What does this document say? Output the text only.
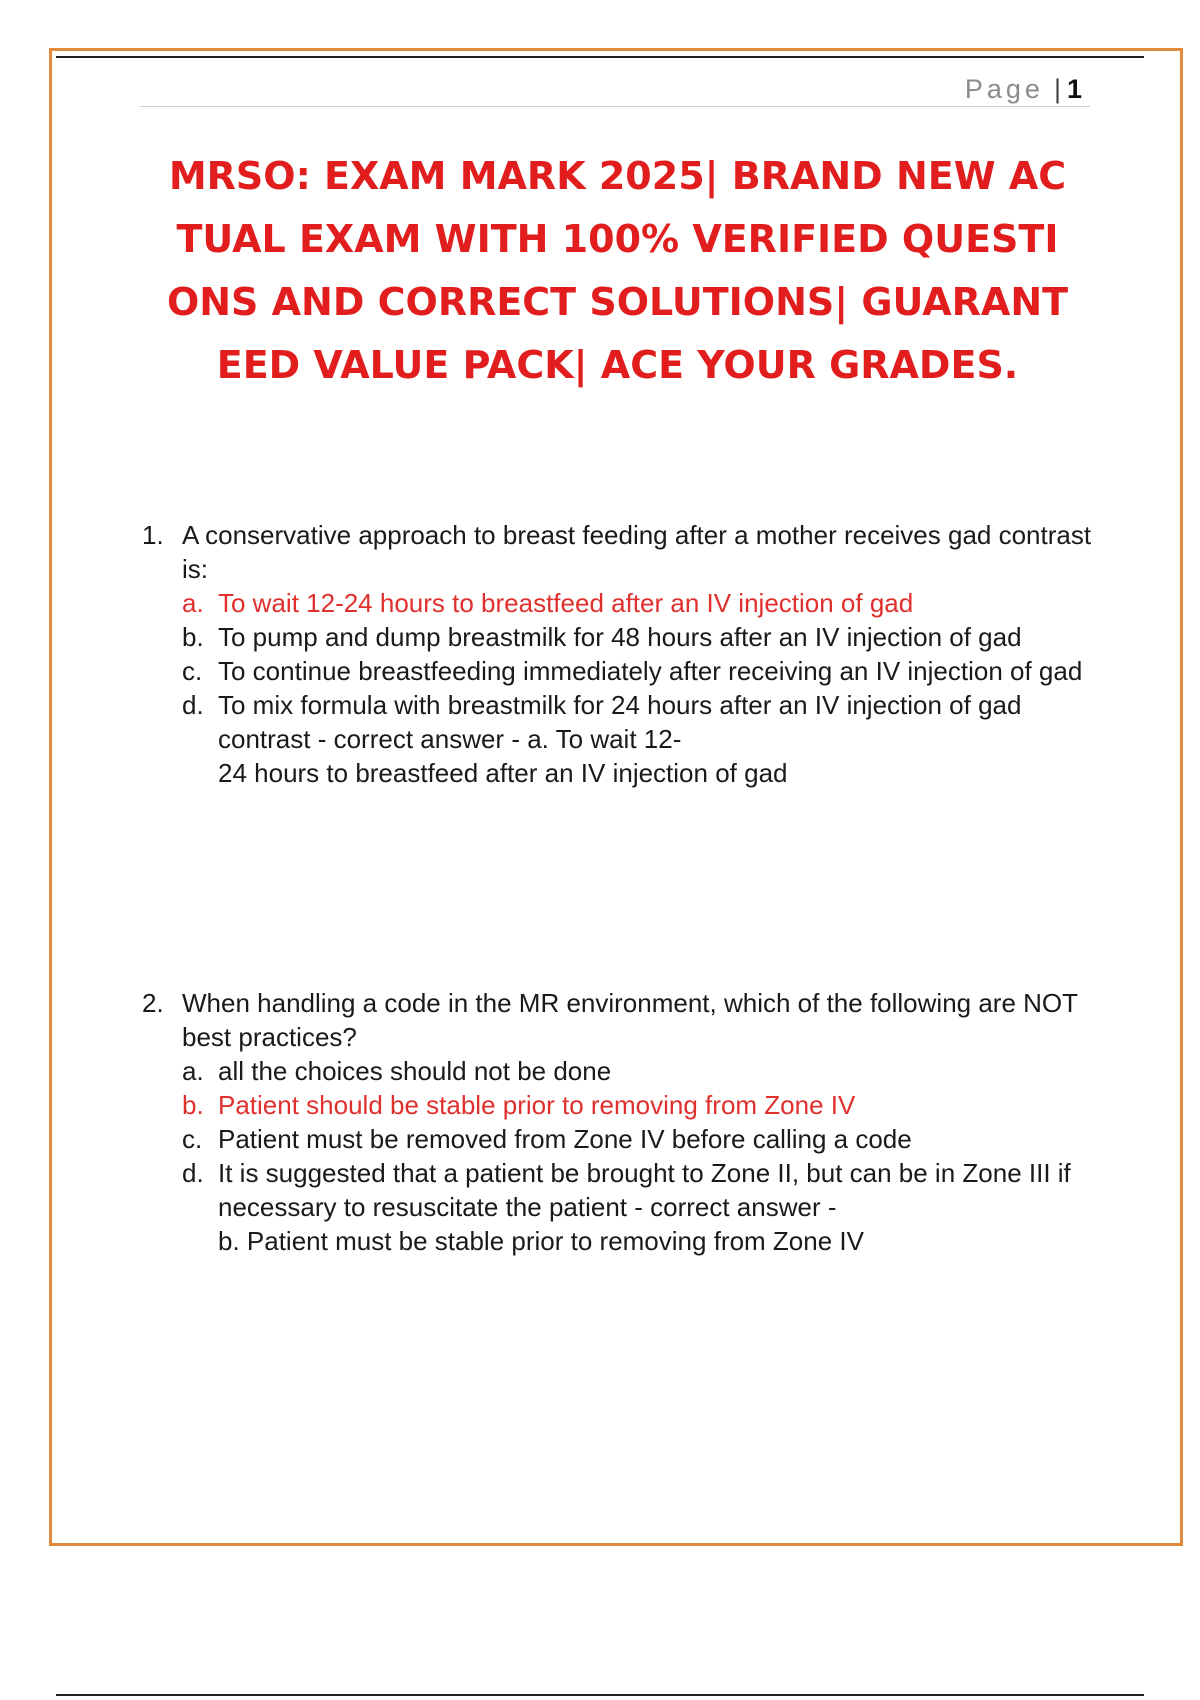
Page | 1
MRSO: EXAM MARK 2025| BRAND NEW ACTUAL EXAM WITH 100% VERIFIED QUESTIONS AND CORRECT SOLUTIONS| GUARANTEED VALUE PACK| ACE YOUR GRADES.
1. A conservative approach to breast feeding after a mother receives gad contrast is:
a. To wait 12-24 hours to breastfeed after an IV injection of gad
b. To pump and dump breastmilk for 48 hours after an IV injection of gad
c. To continue breastfeeding immediately after receiving an IV injection of gad
d. To mix formula with breastmilk for 24 hours after an IV injection of gad contrast - correct answer - a. To wait 12-
24 hours to breastfeed after an IV injection of gad
2. When handling a code in the MR environment, which of the following are NOT best practices?
a. all the choices should not be done
b. Patient should be stable prior to removing from Zone IV
c. Patient must be removed from Zone IV before calling a code
d. It is suggested that a patient be brought to Zone II, but can be in Zone III if necessary to resuscitate the patient - correct answer -
b. Patient must be stable prior to removing from Zone IV
